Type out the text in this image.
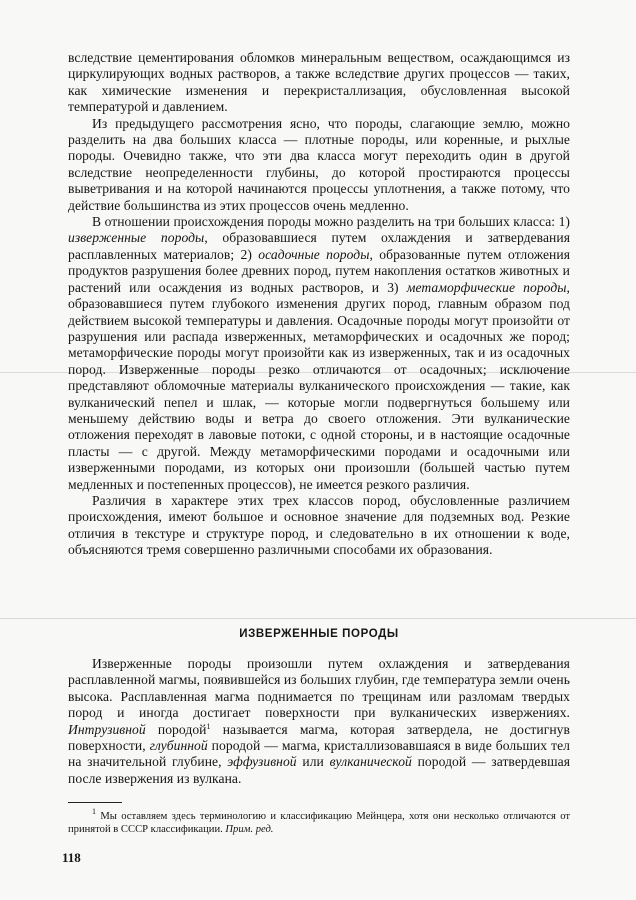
вследствие цементирования обломков минеральным веществом, осаждающимся из циркулирующих водных растворов, а также вследствие других процессов — таких, как химические изменения и перекристаллизация, обусловленная высокой температурой и давлением.

Из предыдущего рассмотрения ясно, что породы, слагающие землю, можно разделить на два больших класса — плотные породы, или коренные, и рыхлые породы. Очевидно также, что эти два класса могут переходить один в другой вследствие неопределенности глубины, до которой простираются процессы выветривания и на которой начинаются процессы уплотнения, а также потому, что действие большинства из этих процессов очень медленно.

В отношении происхождения породы можно разделить на три больших класса: 1) изверженные породы, образовавшиеся путем охлаждения и затвердевания расплавленных материалов; 2) осадочные породы, образованные путем отложения продуктов разрушения более древних пород, путем накопления остатков животных и растений или осаждения из водных растворов, и 3) метаморфические породы, образовавшиеся путем глубокого изменения других пород, главным образом под действием высокой температуры и давления. Осадочные породы могут произойти от разрушения или распада изверженных, метаморфических и осадочных же пород; метаморфические породы могут произойти как из изверженных, так и из осадочных пород. Изверженные породы резко отличаются от осадочных; исключение представляют обломочные материалы вулканического происхождения — такие, как вулканический пепел и шлак, — которые могли подвергнуться большему или меньшему действию воды и ветра до своего отложения. Эти вулканические отложения переходят в лавовые потоки, с одной стороны, и в настоящие осадочные пласты — с другой. Между метаморфическими породами и осадочными или изверженными породами, из которых они произошли (большей частью путем медленных и постепенных процессов), не имеется резкого различия.

Различия в характере этих трех классов пород, обусловленные различием происхождения, имеют большое и основное значение для подземных вод. Резкие отличия в текстуре и структуре пород, и следовательно в их отношении к воде, объясняются тремя совершенно различными способами их образования.

ИЗВЕРЖЕННЫЕ ПОРОДЫ

Изверженные породы произошли путем охлаждения и затвердевания расплавленной магмы, появившейся из больших глубин, где температура земли очень высока. Расплавленная магма поднимается по трещинам или разломам твердых пород и иногда достигает поверхности при вулканических извержениях. Интрузивной породой$^1$ называется магма, которая затвердела, не достигнув поверхности, глубинной породой — магма, кристаллизовавшаяся в виде больших тел на значительной глубине, эффузивной или вулканической породой — затвердевшая после извержения из вулкана.

$^1$ Мы оставляем здесь терминологию и классификацию Мейнцера, хотя они несколько отличаются от принятой в СССР классификации. Прим. ред.

118
